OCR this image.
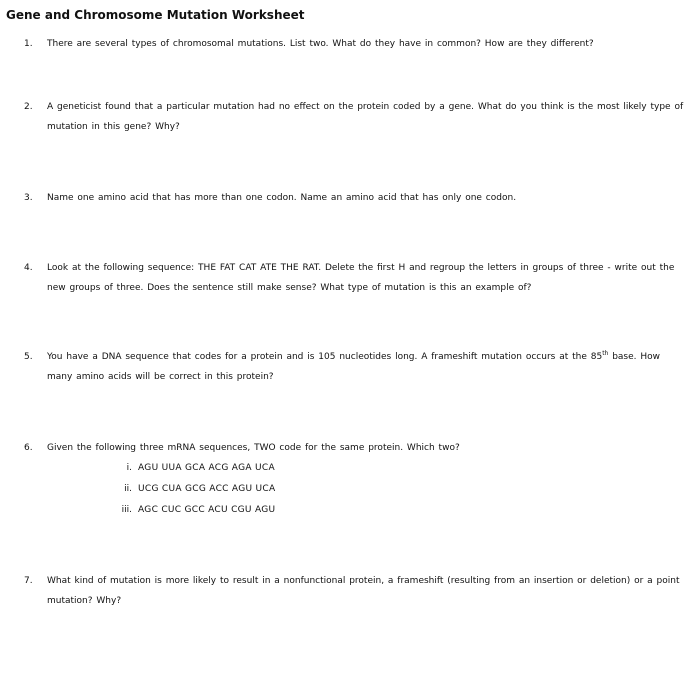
Gene and Chromosome Mutation Worksheet
1.	There are several types of chromosomal mutations. List two. What do they have in common? How are they different?
2.	A geneticist found that a particular mutation had no effect on the protein coded by a gene. What do you think is the most likely type of mutation in this gene? Why?
3.	Name one amino acid that has more than one codon. Name an amino acid that has only one codon.
4.	Look at the following sequence: THE FAT CAT ATE THE RAT. Delete the first H and regroup the letters in groups of three - write out the new groups of three. Does the sentence still make sense? What type of mutation is this an example of?
5.	You have a DNA sequence that codes for a protein and is 105 nucleotides long. A frameshift mutation occurs at the 85th base. How many amino acids will be correct in this protein?
6.	Given the following three mRNA sequences, TWO code for the same protein. Which two?
i. AGU UUA GCA ACG AGA UCA
ii. UCG CUA GCG ACC AGU UCA
iii. AGC CUC GCC ACU CGU AGU
7.	What kind of mutation is more likely to result in a nonfunctional protein, a frameshift (resulting from an insertion or deletion) or a point mutation? Why?
